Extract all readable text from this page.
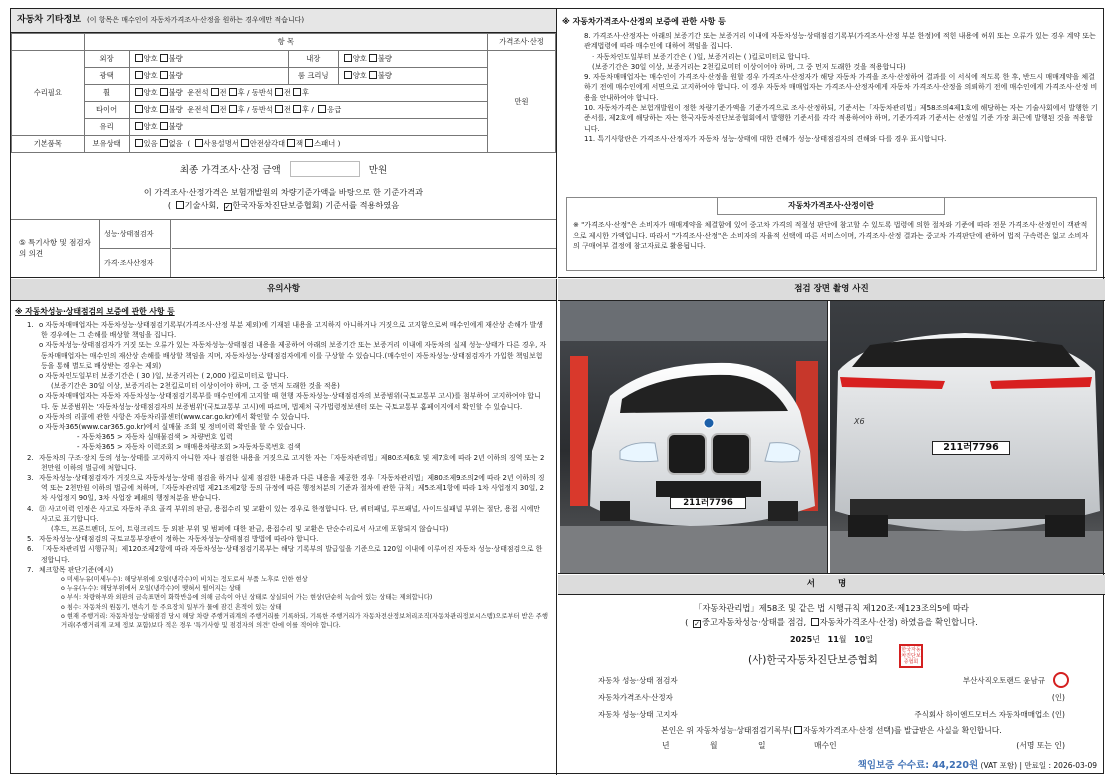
자동차 기타정보 (이 항목은 매수인이 자동차가격조사·산정을 원하는 경우에만 적습니다)
	항 목				가격조사·산정
수리필요	외장	양호 불량	내장	양호 불량	만원
	광택	양호 불량	룸 크리닝	양호 불량	
	휠	양호 불량 운전석 전 후 / 동반석 전 후			
	타이어	양호 불량 운전석 전 후 / 동반석 전 후 / 응급			
	유리	양호 불량			
기본품목	보유상태	있음 없음  ( 사용설명서 안전삼각대 잭 스패너 )			
최종 가격조사·산정 금액	만원
이 가격조사·산정가격은 보험개발원의 차량기준가액을 바탕으로 한 기준가격과
( 기술사회, ✓ 한국자동차진단보증협회) 기준서를 적용하였음
⑤ 특기사항 및 점검자의 의견
성능·상태점검자
가격·조사산정자
※ 자동차가격조사·산정의 보증에 관한 사항 등

8. 가격조사·산정자는 아래의 보증기간 또는 보증거리 이내에 자동차성능·상태점검기록부(가격조사·산정 부분 한정)에 적힌 내용에 허위 또는 오류가 있는 경우 계약 또는 관계법령에 따라 매수인에 대하여 책임을 집니다.

· 자동차인도일부터 보증기간은 ( )일, 보증거리는 ( )킬로미터로 합니다.

(보증기간은 30일 이상, 보증거리는 2천킬로미터 이상이어야 하며, 그 중 먼저 도래한 것을 적용합니다)

9. 자동차매매업자는 매수인이 가격조사·산정을 원할 경우 가격조사·산정자가 해당 자동차 가격을 조사·산정하여 결과를 이 서식에 적도록 한 후, 반드시 매매계약을 체결하기 전에 매수인에게 서면으로 고지하여야 합니다. 이 경우 자동차 매매업자는 가격조사·산정자에게 자동차 가격조사·산정을 의뢰하기 전에 매수인에게 가격조사·산정 비용을 안내하여야 합니다.

10. 자동차가격은 보험개발원이 정한 차량기준가액을 기준가격으로 조사·산정하되, 기준서는「자동차관리법」제58조의4제1호에 해당하는 자는 기술사회에서 발행한 기준서를, 제2호에 해당하는 자는 한국자동차진단보증협회에서 발행한 기준서를 각각 적용하여야 하며, 기준가격과 기준서는 산정일 기준 가장 최근에 발행된 것을 적용합니다.

11. 특기사항란은 가격조사·산정자가 자동차 성능·상태에 대한 견해가 성능·상태점검자의 견해와 다를 경우 표시합니다.

자동차가격조사·산정이란
※ "가격조사·산정"은 소비자가 매매계약을 체결함에 있어 중고차 가격의 적절성 판단에 참고할 수 있도록 법령에 의한 절차와 기준에 따라 전문 가격조사·산정인이 객관적으로 제시한 가액입니다. 따라서 "가격조사·산정"은 소비자의 자율적 선택에 따른 서비스이며, 가격조사·산정 결과는 중고차 가격판단에 관하여 법적 구속력은 없고 소비자의 구매여부 결정에 참고자료로 활용됩니다.
유의사항
※ 자동차성능·상태점검의 보증에 관한 사항 등

1. o 자동차매매업자는 자동차성능·상태점검기록부(가격조사·산정 부분 제외)에 기재된 내용을 고지하지 아니하거나 거짓으로 고지함으로써 매수인에게 재산상 손해가 발생한 경우에는 그 손해를 배상할 책임을 집니다.

o 자동차성능·상태점검자가 거짓 또는 오류가 있는 자동차성능·상태점검 내용을 제공하여 아래의 보증기간 또는 보증거리 이내에 자동차의 실제 성능·상태가 다른 경우, 자동차매매업자는 매수인의 재산상 손해를 배상할 책임을 지며, 자동차성능·상태점검자에게 이를 구상할 수 있습니다.(매수인이 자동차성능·상태점검자가 가입한 책임보험 등을 통해 별도로 배상받는 경우는 제외)

o 자동차인도일부터 보증기간은 ( 30 )일, 보증거리는 ( 2,000 )킬로미터로 합니다.

(보증기간은 30일 이상, 보증거리는 2천킬로미터 이상이어야 하며, 그 중 먼저 도래한 것을 적용)

o 자동차매매업자는 자동차 자동차성능·상태점검기록부를 매수인에게 고지할 때 현행 자동차성능·상태점검자의 보증범위(국토교통부 고시)를 첨부하여 고지하여야 합니다. 동 보증범위는 '자동차성능·상태점검자의 보증범위'(국토교통부 고시)에 따르며, 법제처 국가법령정보센터 또는 국토교통부 홈페이지에서 확인할 수 있습니다.

o 자동차의 리콜에 관한 사항은 자동차리콜센터(www.car.go.kr)에서 확인할 수 있습니다.

o 자동차365(www.car365.go.kr)에서 실매물 조회 및 정비이력 확인을 할 수 있습니다.

- 자동차365 > 자동차 실매물검색 > 차량번호 입력

- 자동차365 > 자동차 이력조회 > 매매용차량조회 >자동차등록번호 검색

2. 자동차의 구조·장치 등의 성능·상태를 고지하지 아니한 자나 점검한 내용을 거짓으로 고지한 자는「자동차관리법」제80조제6호 및 제7호에 따라 2년 이하의 징역 또는 2천만원 이하의 벌금에 처합니다.

3. 자동차성능·상태점검자가 거짓으로 자동차성능·상태 점검을 하거나 실제 점검한 내용과 다른 내용을 제공한 경우「자동차관리법」제80조제9조의2에 따라 2년 이하의 징역 또는 2천만원 이하의 벌금에 처하며,「자동차관리법 제21조제2항 등의 규정에 따른 행정처분의 기준과 절차에 관한 규칙」제5조제1항에 따라 1차 사업정지 30일, 2차 사업정지 90일, 3차 사업장 폐쇄의 행정처분을 받습니다.

4. ㉑ 사고이력 인정은 사고로 자동차 주요 골격 부위의 판금, 용접수리 및 교환이 있는 경우로 한정합니다. 단, 쿼터패널, 루프패널, 사이드실패널 부위는 절단, 용접 시에만 사고로 표기합니다.

(후드, 프론트펜더, 도어, 트렁크리드 등 외판 부위 및 범퍼에 대한 판금, 용접수리 및 교환은 단순수리로서 사고에 포함되지 않습니다)

5. 자동차성능·상태점검의 국토교통부장관이 정하는 자동차성능·상태점검 방법에 따라야 합니다.

6. 「자동차관리법 시행규칙」제120조제2항에 따라 자동차성능·상태점검기록부는 해당 기록부의 발급일을 기준으로 120일 이내에 이루어진 자동차 성능·상태점검으로 한정합니다.

7. 체크항목 판단기준(예시)

o 미세누유(미세누수): 해당부위에 오일(냉각수)이 비치는 정도로서 부품 노후로 인한 현상

o 누유(누수): 해당부위에서 오일(냉각수)이 맺혀서 떨어지는 상태

o 부식: 차량하부와 외판의 금속표면이 화학반응에 의해 금속이 아닌 상태로 상실되어 가는 현상(단순히 녹슬어 있는 상태는 제외합니다)

o 침수: 자동차의 원동기, 변속기 등 주요장치 일부가 물에 잠긴 흔적이 있는 상태

o 현재 주행거리: 자동차성능·상태점검 당시 해당 차량 주행거리계의 주행거리를 기록하되, 기록한 주행거리가 자동차전산정보처리조직(자동차관리정보시스템)으로부터 받은 주행거리(주행거리계 교체 정보 포함)보다 적은 경우 '특기사항 및 점검자의 의견' 란에 이를 적어야 합니다.

점검 장면 촬영 사진
211러7796
X6
211러7796
서 명
「자동차관리법」제58조 및 같은 법 시행규칙 제120조·제123조의5에 따라
( ✓중고자동차성능·상태를 점검, 자동차가격조사·산정) 하였음을 확인합니다.
2025년 11월 10일
(사)한국자동차진단보증협회
한국자동차진단보증협회
자동차 성능·상태 점검자	부산사직오토랜드 윤남규
자동차가격조사·산정자	(인)
자동차 성능·상태 고지자	주식회사 하이엔드모터스 자동차매매업소 (인)
본인은 위 자동차성능·상태점검기록부( 자동차가격조사·산정 선택)를 발급받은 사실을 확인합니다.
년	월	일	매수인	(서명 또는 인)
책임보증 수수료: 44,220원 (VAT 포함) | 만료일 : 2026-03-09
